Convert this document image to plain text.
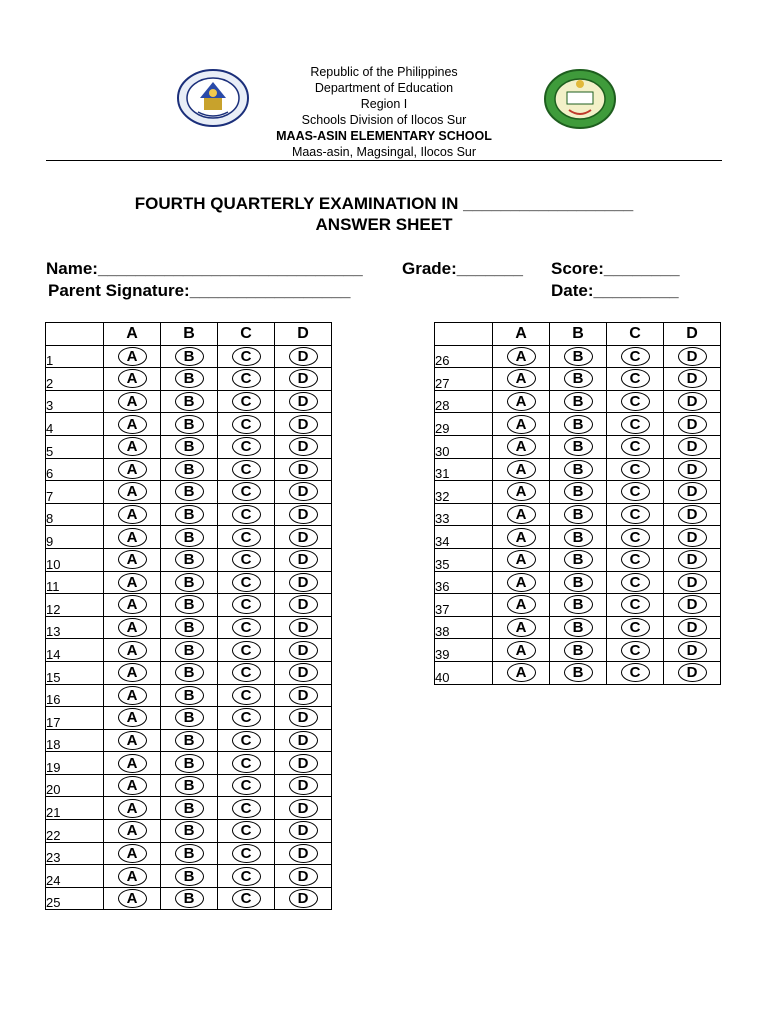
Republic of the Philippines
Department of Education
Region I
Schools Division of Ilocos Sur
MAAS-ASIN ELEMENTARY SCHOOL
Maas-asin, Magsingal, Ilocos Sur
FOURTH QUARTERLY EXAMINATION IN __________________
ANSWER SHEET
Name:____________________________ Grade:_______ Score:________
Parent Signature:_________________	Date:_________
	A	B	C	D
1	A	B	C	D
2	A	B	C	D
3	A	B	C	D
4	A	B	C	D
5	A	B	C	D
6	A	B	C	D
7	A	B	C	D
8	A	B	C	D
9	A	B	C	D
10	A	B	C	D
11	A	B	C	D
12	A	B	C	D
13	A	B	C	D
14	A	B	C	D
15	A	B	C	D
16	A	B	C	D
17	A	B	C	D
18	A	B	C	D
19	A	B	C	D
20	A	B	C	D
21	A	B	C	D
22	A	B	C	D
23	A	B	C	D
24	A	B	C	D
25	A	B	C	D
	A	B	C	D
26	A	B	C	D
27	A	B	C	D
28	A	B	C	D
29	A	B	C	D
30	A	B	C	D
31	A	B	C	D
32	A	B	C	D
33	A	B	C	D
34	A	B	C	D
35	A	B	C	D
36	A	B	C	D
37	A	B	C	D
38	A	B	C	D
39	A	B	C	D
40	A	B	C	D
